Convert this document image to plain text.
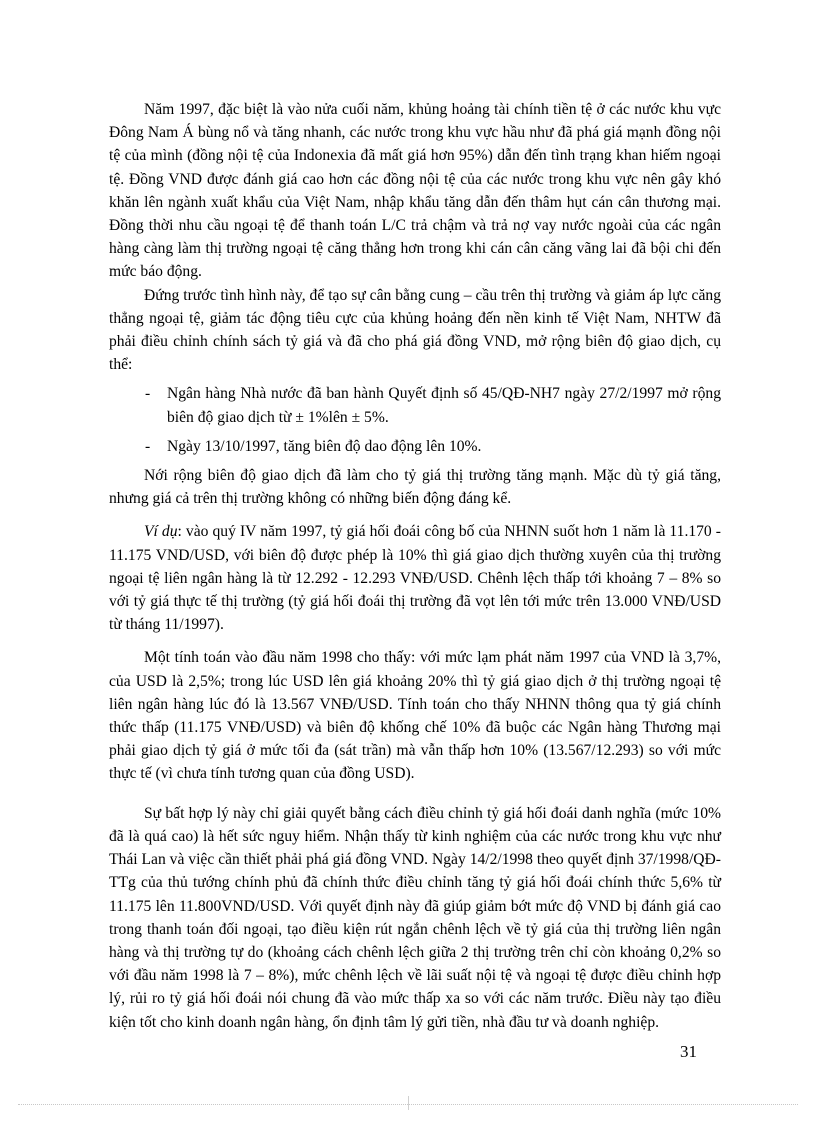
Năm 1997, đặc biệt là vào nửa cuối năm, khủng hoảng tài chính tiền tệ ở các nước khu vực Đông Nam Á bùng nổ và tăng nhanh, các nước trong khu vực hầu như đã phá giá mạnh đồng nội tệ của mình (đồng nội tệ của Indonexia đã mất giá hơn 95%) dẫn đến tình trạng khan hiếm ngoại tệ. Đồng VND được đánh giá cao hơn các đồng nội tệ của các nước trong khu vực nên gây khó khăn lên ngành xuất khẩu của Việt Nam, nhập khẩu tăng dẫn đến thâm hụt cán cân thương mại. Đồng thời nhu cầu ngoại tệ để thanh toán L/C trả chậm và trả nợ vay nước ngoài của các ngân hàng càng làm thị trường ngoại tệ căng thẳng hơn trong khi cán cân căng vãng lai đã bội chi đến mức báo động.

Đứng trước tình hình này, để tạo sự cân bằng cung – cầu trên thị trường và giảm áp lực căng thẳng ngoại tệ, giảm tác động tiêu cực của khủng hoảng đến nền kinh tế Việt Nam, NHTW đã phải điều chỉnh chính sách tỷ giá và đã cho phá giá đồng VND, mở rộng biên độ giao dịch, cụ thể:

- Ngân hàng Nhà nước đã ban hành Quyết định số 45/QĐ-NH7 ngày 27/2/1997 mở rộng biên độ giao dịch từ ± 1%lên ± 5%.

- Ngày 13/10/1997, tăng biên độ dao động lên 10%.

Nới rộng biên độ giao dịch đã làm cho tỷ giá thị trường tăng mạnh. Mặc dù tỷ giá tăng, nhưng giá cả trên thị trường không có những biến động đáng kể.

Ví dụ: vào quý IV năm 1997, tỷ giá hối đoái công bố của NHNN suốt hơn 1 năm là 11.170 - 11.175 VND/USD, với biên độ được phép là 10% thì giá giao dịch thường xuyên của thị trường ngoại tệ liên ngân hàng là từ 12.292 - 12.293 VNĐ/USD. Chênh lệch thấp tới khoảng 7 – 8% so với tỷ giá thực tế thị trường (tỷ giá hối đoái thị trường đã vọt lên tới mức trên 13.000 VNĐ/USD từ tháng 11/1997).

Một tính toán vào đầu năm 1998 cho thấy: với mức lạm phát năm 1997 của VND là 3,7%, của USD là 2,5%; trong lúc USD lên giá khoảng 20% thì tỷ giá giao dịch ở thị trường ngoại tệ liên ngân hàng lúc đó là 13.567 VNĐ/USD. Tính toán cho thấy NHNN thông qua tỷ giá chính thức thấp (11.175 VNĐ/USD) và biên độ khống chế 10% đã buộc các Ngân hàng Thương mại phải giao dịch tỷ giá ở mức tối đa (sát trần) mà vẫn thấp hơn 10% (13.567/12.293) so với mức thực tế (vì chưa tính tương quan của đồng USD).

Sự bất hợp lý này chỉ giải quyết bằng cách điều chỉnh tỷ giá hối đoái danh nghĩa (mức 10% đã là quá cao) là hết sức nguy hiểm. Nhận thấy từ kinh nghiệm của các nước trong khu vực như Thái Lan và việc cần thiết phải phá giá đồng VND. Ngày 14/2/1998 theo quyết định 37/1998/QĐ-TTg của thủ tướng chính phủ đã chính thức điều chỉnh tăng tỷ giá hối đoái chính thức 5,6% từ 11.175 lên 11.800VND/USD. Với quyết định này đã giúp giảm bớt mức độ VND bị đánh giá cao trong thanh toán đối ngoại, tạo điều kiện rút ngắn chênh lệch về tỷ giá của thị trường liên ngân hàng và thị trường tự do (khoảng cách chênh lệch giữa 2 thị trường trên chỉ còn khoảng 0,2% so với đầu năm 1998 là 7 – 8%), mức chênh lệch về lãi suất nội tệ và ngoại tệ được điều chỉnh hợp lý, rủi ro tỷ giá hối đoái nói chung đã vào mức thấp xa so với các năm trước. Điều này tạo điều kiện tốt cho kinh doanh ngân hàng, ổn định tâm lý gửi tiền, nhà đầu tư và doanh nghiệp.

31
